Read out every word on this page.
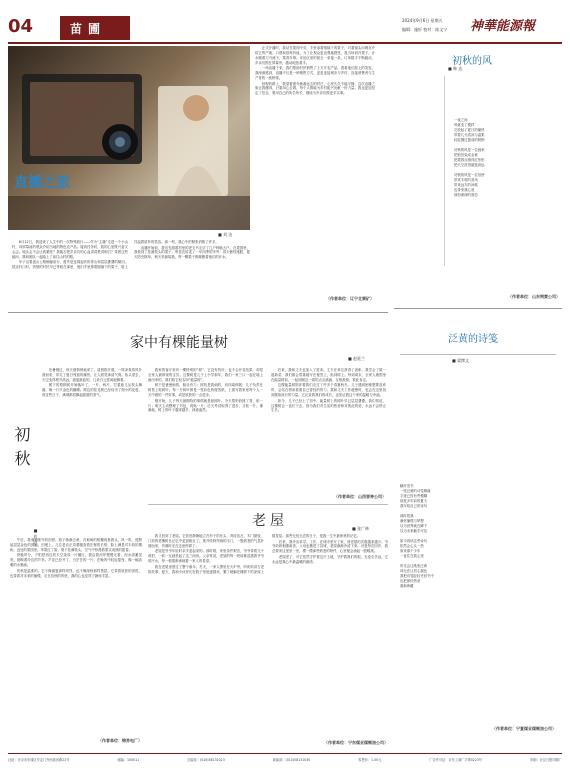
04	苗圃
2024年9月6日 星期五
编辑：施忻 校对：陈文宁 神華能源報
直播之旅
■ 刘 洁

6月12日，我迎来了人生中的一次特殊旅行——作为“主播”走进一个小山村，向屏幕前的观众介绍当地的特色农产品。接到任务时，我的心里既兴奋又忐忑。镜头会不会让我紧张？我能否把乡亲们的心血讲清楚讲明白？带着这些疑问，我和团队一起踏上了前往山村的路。

车子沿着盘山公路蜿蜒前行，窗外是连绵起伏的青山和层层叠叠的梯田。抵达村口时，热情的村民早已等候在那里，他们手里捧着刚摘下的果子，脸上洋溢着质朴的笑容。那一刻，我心中的紧张消散了许多。

直播开始前，我们先跟着村里的老支书走访了几户种植大户。在果园里，我看到了挂满枝头的果子，听老农讲述了一年四季的辛劳：春天修枝施肥，夏天防虫除草，秋天采摘装箱，每一颗果子都凝聚着他们的汗水。

正式开播时，我站在果园中央，手里拿着刚摘下的果子，对着镜头向网友介绍它的产地、口感和营养价值。为了让观众更直观地感受，我当场切开果子，汁水顺着刀刃流下，果香扑鼻。评论区里的留言一条接一条，订单数字不断跳动，乡亲们围在屏幕旁，激动地拍着手。

一场直播下来，我们帮助村民销售了上万斤农产品。看着他们脸上的笑容，我深深感到，直播不仅是一种销售方式，更是连接城市与乡村、连接消费者与生产者的一座桥梁。

回程的路上，我望着窗外渐渐远去的村庄，心里久久不能平静。这次直播之旅让我懂得，只要用心去做，每个人都能为乡村振兴贡献一份力量。我也更加坚定了信念，要用自己的所学所长，继续为乡亲们做更多实事。

（作者单位：辽宁北票矿）
初秋的风
■ 韩 达
一夜之间
风就变了模样
它收起了夏日的燥热
带着几分清凉与温柔
轻轻拂过窗前的树梢
初秋的风是一位画家
把稻田染成金黄
把果园点缀得红彤彤
把天空洗得湛蓝高远
初秋的风是一位信使
带来丰收的喜讯
带来远方的问候
也带来我心底
那份深深的眷恋
（作者单位：山东朔黄公司）
泛黄的诗笺
■ 梁博文
翻开旧书
一张泛黄的诗笺飘落
字迹已经有些模糊
那是多年前的夏天
我写给自己的诗句
那时的我
满怀憧憬与梦想
以为世界就在脚下
以为未来触手可及
如今再读这些诗句
依然会心头一热
原来那个少年
一直住在我心里
时光会让纸张泛黄
却无法让初心褪色
我把诗笺轻轻夹回书中
也把那份热爱
重新珍藏
（作者单位：宁夏煤业煤制油公司）
家中有棵能量树
■ 赵延兰

我家的客厅里有一棵特别的“树”，它没有枝叶，也不会开花结果，却是全家人最珍视的宝贝。这棵树是儿子上小学那年，我们一家三口一起在墙上画出来的，我们给它取名叫“能量树”。

树干是爸爸画的，粗壮有力；树枝是我画的，向四周伸展；儿子负责在树枝上贴树叶。每一片树叶都是一张彩色的便签纸，上面写着家里每个人一天中做的一件好事，或是收获的一点进步。

刚开始，儿子每天最期待的事情就是贴树叶。今天帮奶奶捶了背，贴一片；明天主动整理了书包，再贴一片；后天考试取得了进步，又贴一片。渐渐地，树上的叶子越来越多，绿意盎然。

后来，我和丈夫也加入了进来。丈夫在单位获得了表彰，我学会了做一道新菜，我们都会郑重地写在便签上，贴到树上。每到周末，全家人就围坐在能量树前，一起回顾这一周的点点滴滴，互相鼓励，彼此肯定。

这棵能量树陪伴着我们走过了许多个春夏秋冬。儿子遇到困难想要放弃时，会站在树前看看自己曾经的努力；我和丈夫工作疲惫时，也会在这里找到继续前行的力量。它记录着我们的成长，也见证着这个家的温暖与幸福。

如今，儿子已经上了初中，能量树上的树叶早已层层叠叠。我们常说，这棵树会一直长下去，因为我们对生活的热爱和对彼此的爱，永远不会停止生长。

（作者单位：山西晋神公司）
初秋
■ 刘凤军

处暑刚过，秋天便悄悄地来了。清晨推开窗，一阵凉爽的风扑面而来，带走了夏日残留的燥热，让人顿觉神清气爽。抬头望去，天空变得格外高远，湛蓝湛蓝的，几朵白云悠闲地飘着。

楼下的梧桐树开始落叶了，一片、两片，打着旋儿从枝头飘落，像一只只金色的蝴蝶。路边的桂花树已经结出了细小的花苞，再过些日子，满城都将飘起甜甜的香气。

午后，我来到郊外的田野。稻子渐渐泛黄，沉甸甸的稻穗低垂着头，风一吹，便掀起层层金色的波浪。田埂上，几位老农正弯着腰查看庄稼的长势，脸上满是对丰收的期盼。远处的果园里，苹果红了脸，梨子挂满枝头，空气中弥漫着果实成熟的甜香。

傍晚时分，夕阳把西边的天空染成一片橘红。我沿着河岸慢慢走着，河水清澈见底，倒映着岸边的芦苇。芦花已经开了，白茫茫的一片，在晚风中轻轻摇曳，像一幅淡雅的水墨画。

初秋是温柔的，它不像盛夏那样炽烈，也不像深秋那样萧瑟。它带着收获的喜悦，也带着对未来的憧憬。走在初秋的风里，我的心也变得宁静而丰盈。

（作者单位：锦界电厂）
老屋	■ 张广林

我又回到了老屋。它依旧静静地立在村子的东头，青砖灰瓦，木门斑驳，门前的老槐树比记忆中更加粗壮了。推开吱呀作响的木门，一股熟悉的气息扑面而来，仿佛时光在这里停滞了。

老屋是爷爷年轻时亲手盖起来的。那时候，家里条件艰苦，爷爷带着几个叔伯，一砖一瓦地垒起了这三间房。父亲常说，老屋的每一块砖都浸透着爷爷的汗水，每一根梁都承载着一家人的希望。

我在老屋里度过了整个童年。冬天，一家人围坐在火炉旁，听奶奶讲古老的故事；夏天，我和小伙伴们在院子里追逐嬉戏，累了就躺在槐树下的凉席上数星星。那些无忧无虑的日子，是我一生中最珍贵的记忆。

后来，我外出求学、工作，在城市里安了家，回老屋的次数越来越少。爷爷奶奶相继离世，父母也搬进了县城，老屋渐渐冷清下来。可是每次回乡，我总要来这里坐一坐，摸一摸那些熟悉的物件，心里便会涌起一股暖流。

老屋老了，可它依然守护着这片土地，守护着我们的根。无论走多远，它永远是我心中最温暖的港湾。

（作者单位：宁东煤业煤制油公司）
社址：北京市东城区安定门外西滨河路22号	邮编：100011	总编室：(010)58131023	新闻部：(010)58131030	零售价：1.00元	广告许可证：京东工商广字第0223号	印刷：北京日报印刷厂
